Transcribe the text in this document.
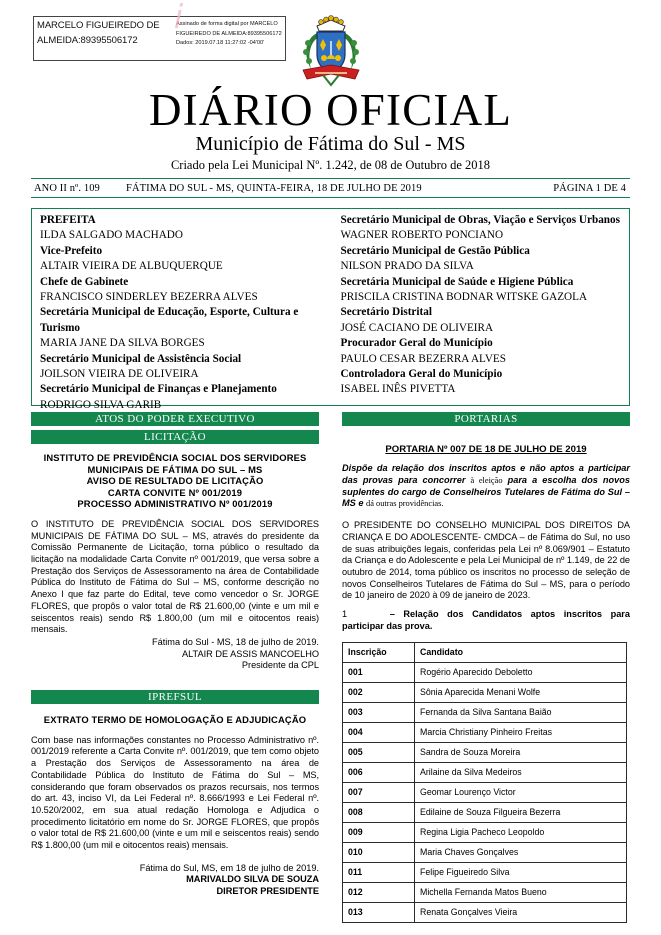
MARCELO FIGUEIREDO DE ALMEIDA:89395506172
𝑖
Assinado de forma digital por MARCELO FIGUEIREDO DE ALMEIDA:89395506172 Dados: 2019.07.18 11:27:02 -04'00'
DIÁRIO OFICIAL
Município de Fátima do Sul - MS
Criado pela Lei Municipal Nº. 1.242, de 08 de Outubro de 2018
ANO II nº. 109	FÁTIMA DO SUL - MS, QUINTA-FEIRA, 18 DE JULHO DE 2019	PÁGINA 1 DE 4
PREFEITA
ILDA SALGADO MACHADO
Vice-Prefeito
ALTAIR VIEIRA DE ALBUQUERQUE
Chefe de Gabinete
FRANCISCO SINDERLEY BEZERRA ALVES
Secretária Municipal de Educação, Esporte, Cultura e Turismo
MARIA JANE DA SILVA BORGES
Secretário Municipal de Assistência Social
JOILSON VIEIRA DE OLIVEIRA
Secretário Municipal de Finanças e Planejamento
RODRIGO SILVA GARIB
Secretário Municipal de Obras, Viação e Serviços Urbanos
WAGNER ROBERTO PONCIANO
Secretário Municipal de Gestão Pública
NILSON PRADO DA SILVA
Secretária Municipal de Saúde e Higiene Pública
PRISCILA CRISTINA BODNAR WITSKE GAZOLA
Secretário Distrital
JOSÉ CACIANO DE OLIVEIRA
Procurador Geral do Município
PAULO CESAR BEZERRA ALVES
Controladora Geral do Município
ISABEL INÊS PIVETTA
ATOS DO PODER EXECUTIVO
LICITAÇÃO
INSTITUTO DE PREVIDÊNCIA SOCIAL DOS SERVIDORES MUNICIPAIS DE FÁTIMA DO SUL – MS
AVISO DE RESULTADO DE LICITAÇÃO
CARTA CONVITE Nº 001/2019
PROCESSO ADMINISTRATIVO Nº 001/2019
O INSTITUTO DE PREVIDÊNCIA SOCIAL DOS SERVIDORES MUNICIPAIS DE FÁTIMA DO SUL – MS, através do presidente da Comissão Permanente de Licitação, torna público o resultado da licitação na modalidade Carta Convite nº 001/2019, que versa sobre a Prestação dos Serviços de Assessoramento na área de Contabilidade Pública do Instituto de Fátima do Sul – MS, conforme descrição no Anexo I que faz parte do Edital, teve como vencedor o Sr. JORGE FLORES, que propôs o valor total de R$ 21.600,00 (vinte e um mil e seiscentos reais) sendo R$ 1.800,00 (um mil e oitocentos reais) mensais.
Fátima do Sul - MS, 18 de julho de 2019.
ALTAIR DE ASSIS MANCOELHO
Presidente da CPL
IPREFSUL
EXTRATO TERMO DE HOMOLOGAÇÃO E ADJUDICAÇÃO
Com base nas informações constantes no Processo Administrativo nº. 001/2019 referente a Carta Convite nº. 001/2019, que tem como objeto a Prestação dos Serviços de Assessoramento na área de Contabilidade Pública do Instituto de Fátima do Sul – MS, considerando que foram observados os prazos recursais, nos termos do art. 43, inciso VI, da Lei Federal nº. 8.666/1993 e Lei Federal nº. 10.520/2002, em sua atual redação Homologa e Adjudica o procedimento licitatório em nome do Sr. JORGE FLORES, que propôs o valor total de R$ 21.600,00 (vinte e um mil e seiscentos reais) sendo R$ 1.800,00 (um mil e oitocentos reais) mensais.
Fátima do Sul, MS, em 18 de julho de 2019.
MARIVALDO SILVA DE SOUZA
DIRETOR PRESIDENTE
PORTARIAS
PORTARIA Nº 007 DE 18 DE JULHO DE 2019
Dispõe da relação dos inscritos aptos e não aptos a participar das provas para concorrer à eleição para a escolha dos novos suplentes do cargo de Conselheiros Tutelares de Fátima do Sul – MS e dá outras providências.
O PRESIDENTE DO CONSELHO MUNICIPAL DOS DIREITOS DA CRIANÇA E DO ADOLESCENTE- CMDCA – de Fátima do Sul, no uso de suas atribuições legais, conferidas pela Lei nº 8.069/901 – Estatuto da Criança e do Adolescente e pela Lei Municipal de nº 1.149, de 22 de outubro de 2014, toma público os inscritos no processo de seleção de novos Conselheiros Tutelares de Fátima do Sul – MS, para o período de 10 janeiro de 2020 à 09 de janeiro de 2023.
1	– Relação dos Candidatos aptos inscritos para participar das prova.
Inscrição	Candidato
001	Rogério Aparecido Deboletto
002	Sônia Aparecida Menani Wolfe
003	Fernanda da Silva Santana Baião
004	Marcia Christiany Pinheiro Freitas
005	Sandra de Souza Moreira
006	Arilaine da Silva Medeiros
007	Geomar Lourenço Victor
008	Edilaine de Souza Filgueira Bezerra
009	Regina Ligia Pacheco Leopoldo
010	Maria Chaves Gonçalves
011	Felipe Figueiredo Silva
012	Michella Fernanda Matos Bueno
013	Renata Gonçalves Vieira
